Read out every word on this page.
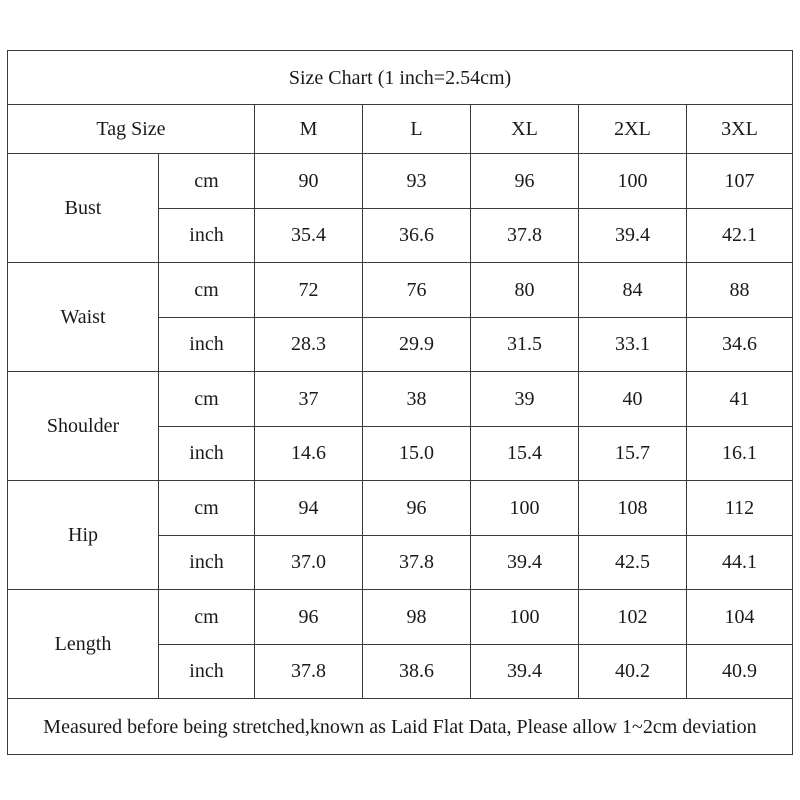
Size Chart (1 inch=2.54cm)						
Tag Size		M	L	XL	2XL	3XL
Bust	cm	90	93	96	100	107
	inch	35.4	36.6	37.8	39.4	42.1
Waist	cm	72	76	80	84	88
	inch	28.3	29.9	31.5	33.1	34.6
Shoulder	cm	37	38	39	40	41
	inch	14.6	15.0	15.4	15.7	16.1
Hip	cm	94	96	100	108	112
	inch	37.0	37.8	39.4	42.5	44.1
Length	cm	96	98	100	102	104
	inch	37.8	38.6	39.4	40.2	40.9
Measured before being stretched,known as Laid Flat Data, Please allow 1~2cm deviation						
